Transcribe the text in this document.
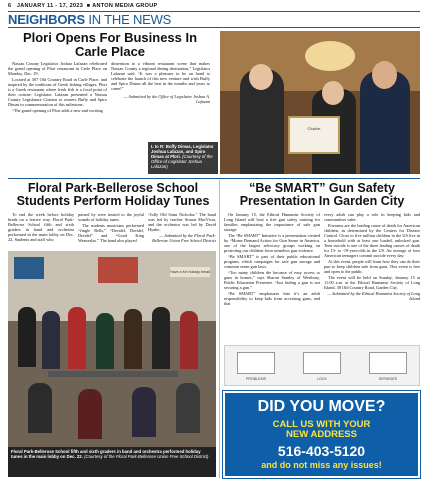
6 JANUARY 11 - 17, 2023  ■ ANTON MEDIA GROUP
NEIGHBORS IN THE NEWS
Plori Opens For Business In Carle Place

Nassau County Legislator Joshua Lafazan celebrated the grand opening of Plori restaurant in Carle Place on Monday, Dec. 19.

Located at 307 Old Country Road in Carle Place, and inspired by the traditions of Greek fishing villages, Plori is a Greek restaurant where fresh fish is a focal point of their cuisine. Legislator Lafazan presented a Nassau County Legislature Citation to owners Buffy and Spiro Dimas in commemoration of this milestone.

“The grand opening of Plori adds a new and exciting

dimension to a vibrant restaurant scene that makes Nassau County a regional dining destination,” Legislator Lafazan said. “It was a pleasure to be on hand to celebrate the launch of this new venture and wish Buffy and Spiro Dimas all the best in the months and years to come!”

— Submitted by the Office of Legislator Joshua A. Lafazan
L to R: Buffy Dimas, Legislator Joshua Lafazan, and Spiro Dimas at Plori. (Courtesy of the Office of Legislator Joshua Lafazan)
Citation
Floral Park-Bellerose School Students Perform Holiday Tunes

To end the week before holiday break on a festive way, Floral Park-Bellerose School fifth and sixth graders in band and orchestra performed in the main lobby on Dec. 22. Students and staff who

passed by were treated to the joyful sounds of holiday tunes.

The students musicians performed “Jingle Bells,” “Dreidel, Dreidel, Dreidel” and “Good King Wenceslas.” The band also played

“Jolly Old Saint Nicholas.” The band was led by teacher Simon MacVicar, and the orchestra was led by David Hyabo.

— Submitted by the Floral Park-Bellerose Union Free School District
Have a fun holiday break
Floral Park-Bellerose School fifth and sixth graders in band and orchestra performed holiday tunes in the main lobby on Dec. 22. (Courtesy of the Floral Park-Bellerose Union Free School District)
“Be SMART” Gun Safety Presentation In Garden City

On January 15, the Ethical Humanist Society of Long Island will host a free gun safety training for families emphasizing the importance of safe gun storage.

The “Be SMART” Initiative is a presentation created by “Moms Demand Action for Gun Sense in America, one of the largest advocacy groups working on protecting our children from senseless gun violence.

“Be SMART” is part of their public educational program, which campaigns for safe gun storage and common sense gun laws.

“Too many children die because of easy access to guns in homes,” says Sharon Stanley of Westbury, Public Education Presenter. “Just hiding a gun is not securing a gun.”

“Be SMART” emphasizes that it’s an adult responsibility to keep kids from accessing guns, and that

every adult can play a role in keeping kids and communities safer.

Firearms are the leading cause of death for American children, as determined by the Centers for Disease Control. Close to five million children in the US live in a household with at least one loaded, unlocked gun. Teen suicide is one of the three leading causes of death for 13- to -19-year-olds in the US. An average of four American teenagers commit suicide every day.

At this event, people will learn how they can do their part to keep children safe from guns. This event is free and open to the public.

The event will be held on Sunday, January 15 at 11:00 a.m. at the Ethical Humanist Society of Long Island, 38 Old Country Road, Garden City.

— Submitted by the Ethical Humanist Society of Long Island
PROBLEMS	LOCK	SEPARATE
DID YOU MOVE?
CALL US WITH YOUR
NEW ADDRESS
516-403-5120
and do not miss any issues!
